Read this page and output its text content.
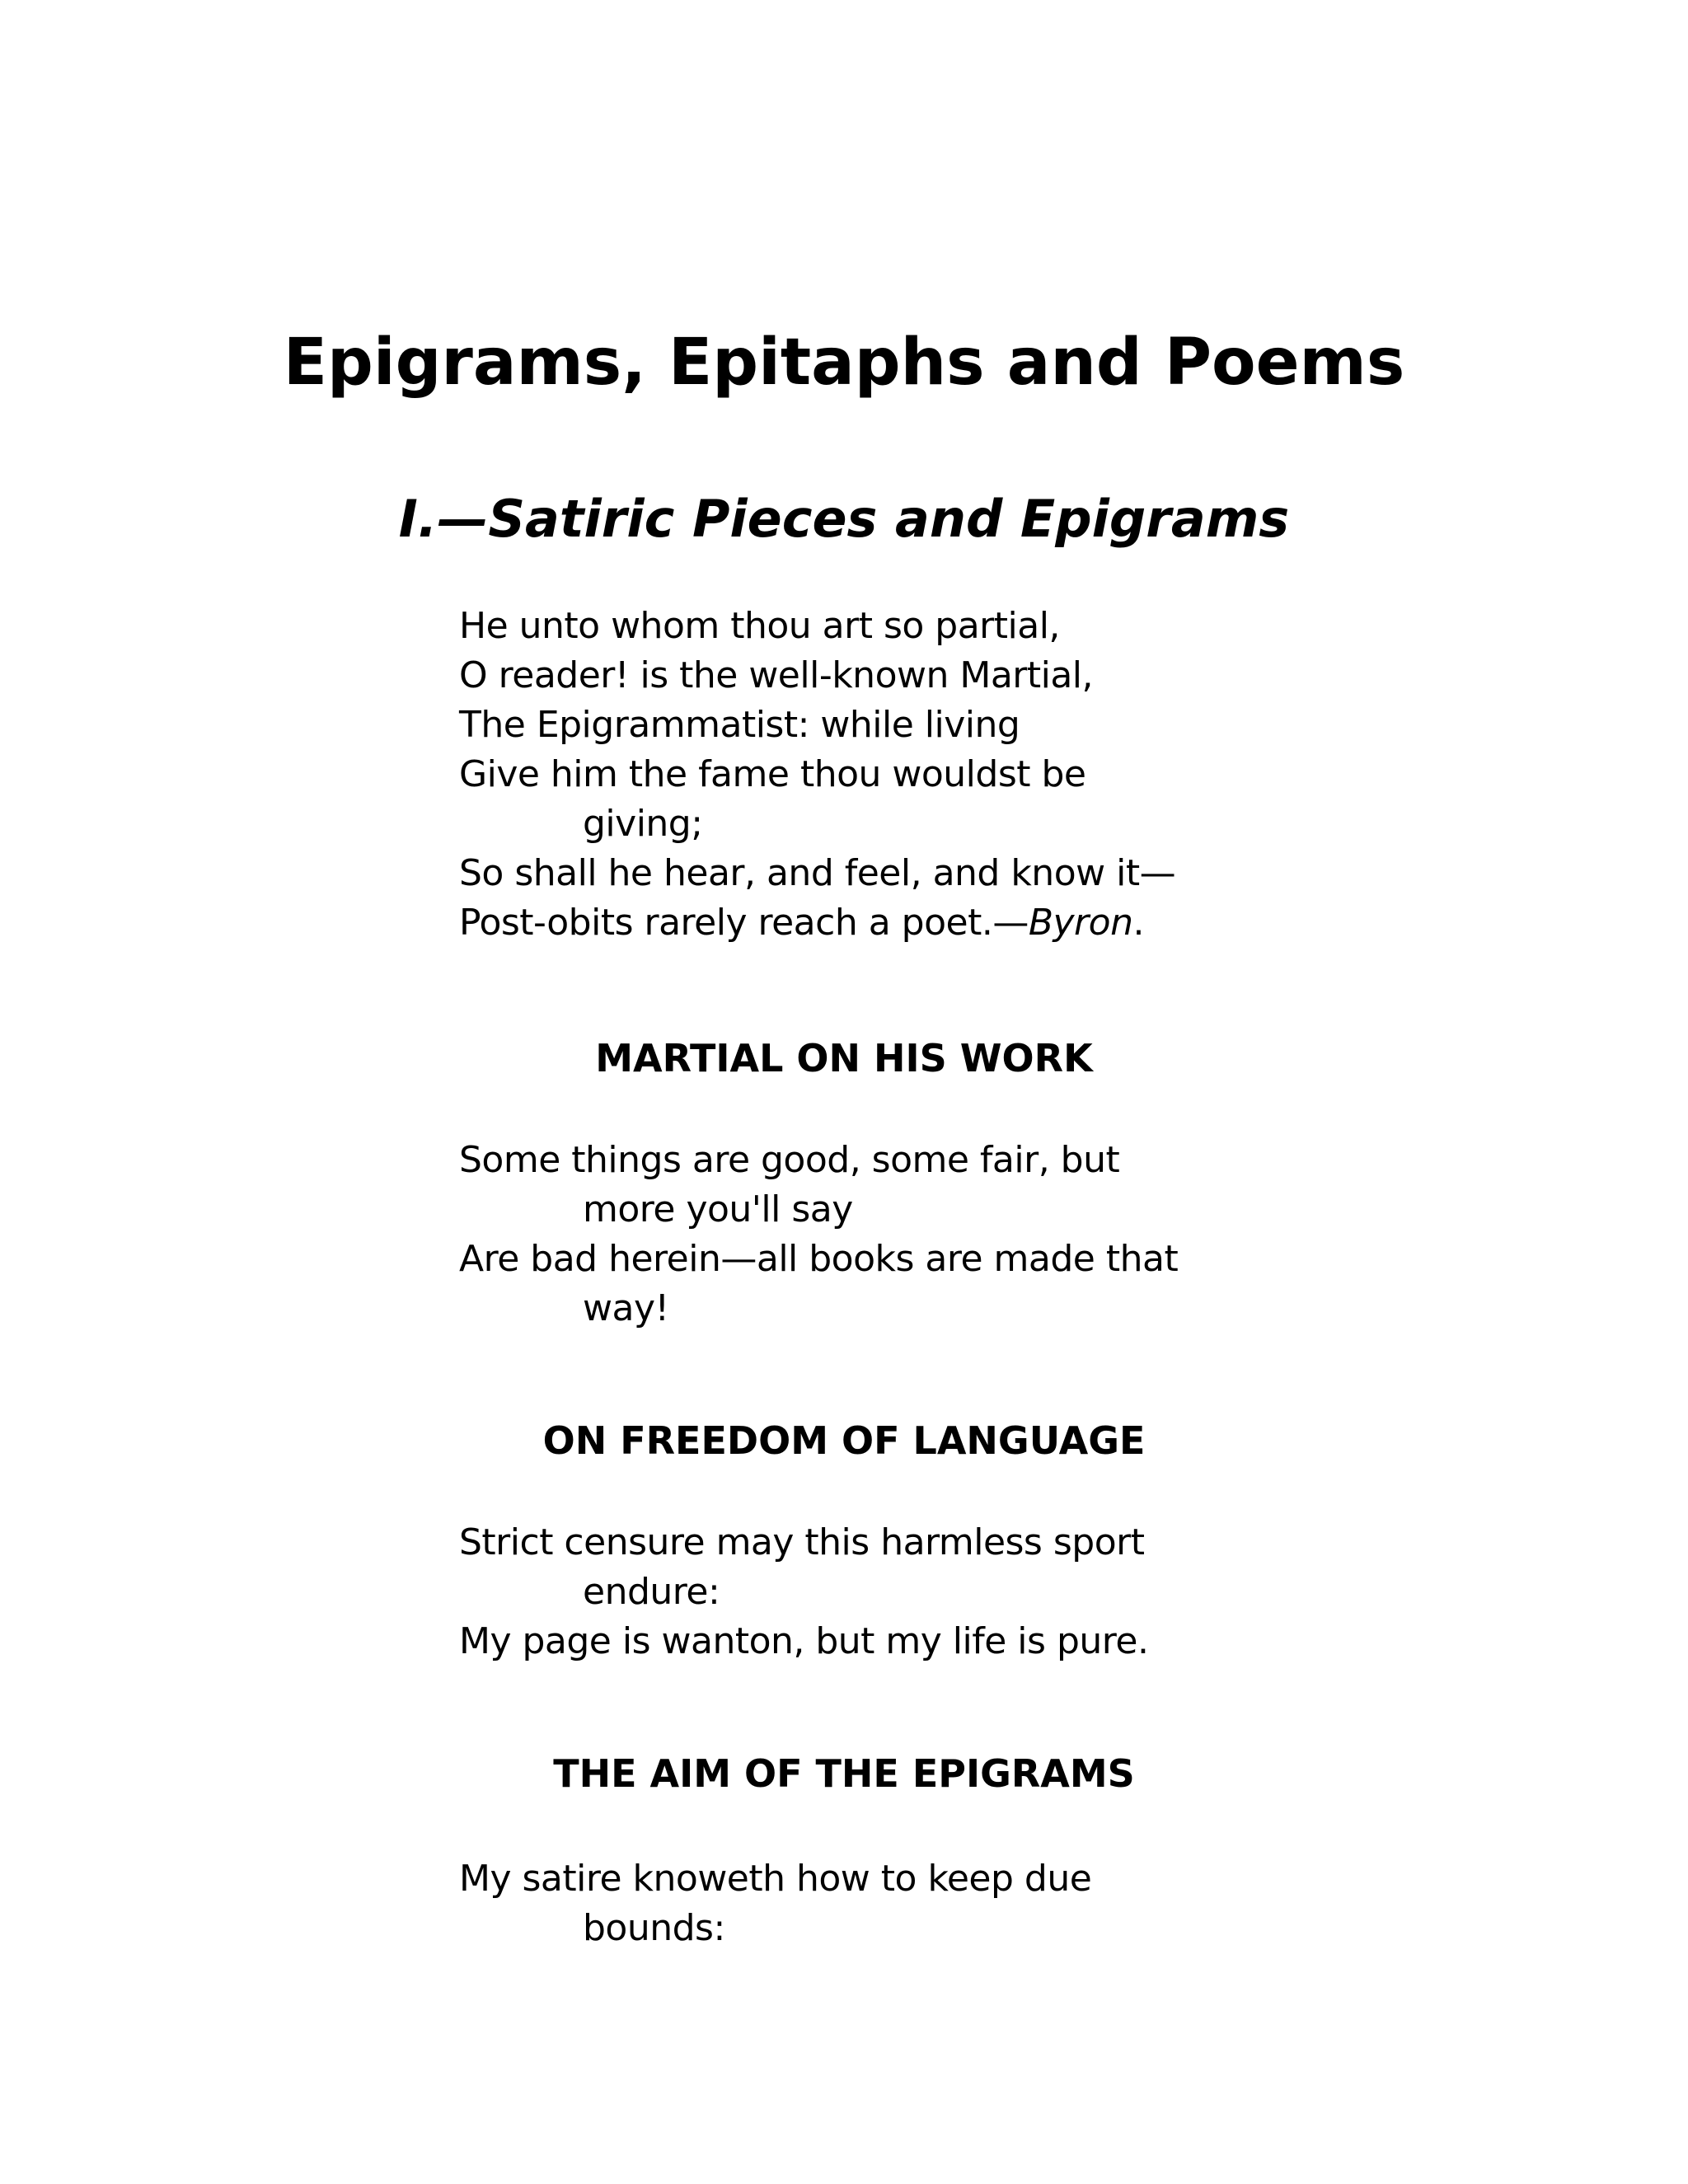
Epigrams, Epitaphs and Poems
I.—Satiric Pieces and Epigrams
He unto whom thou art so partial,
O reader! is the well-known Martial,
The Epigrammatist: while living
Give him the fame thou wouldst be
giving;
So shall he hear, and feel, and know it—
Post-obits rarely reach a poet.—Byron.
MARTIAL ON HIS WORK
Some things are good, some fair, but
more you'll say
Are bad herein—all books are made that
way!
ON FREEDOM OF LANGUAGE
Strict censure may this harmless sport
endure:
My page is wanton, but my life is pure.
THE AIM OF THE EPIGRAMS
My satire knoweth how to keep due
bounds:
